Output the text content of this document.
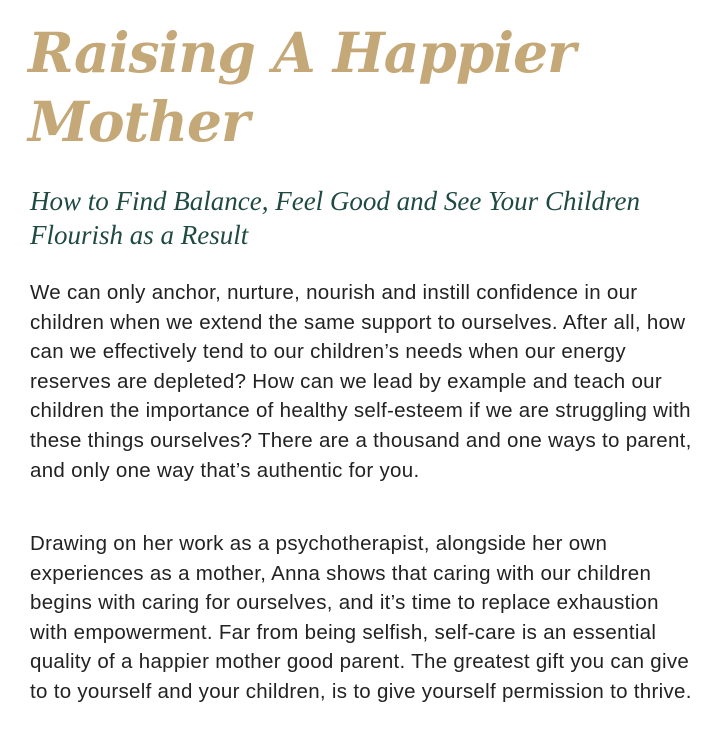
Raising A Happier Mother
How to Find Balance, Feel Good and See Your Children Flourish as a Result

We can only anchor, nurture, nourish and instill confidence in our children when we extend the same support to ourselves. After all, how can we effectively tend to our children’s needs when our energy reserves are depleted? How can we lead by example and teach our children the importance of healthy self-esteem if we are struggling with these things ourselves? There are a thousand and one ways to parent, and only one way that’s authentic for you.

Drawing on her work as a psychotherapist, alongside her own experiences as a mother, Anna shows that caring with our children begins with caring for ourselves, and it’s time to replace exhaustion with empowerment. Far from being selfish, self-care is an essential quality of a happier mother good parent. The greatest gift you can give to to yourself and your children, is to give yourself permission to thrive.
